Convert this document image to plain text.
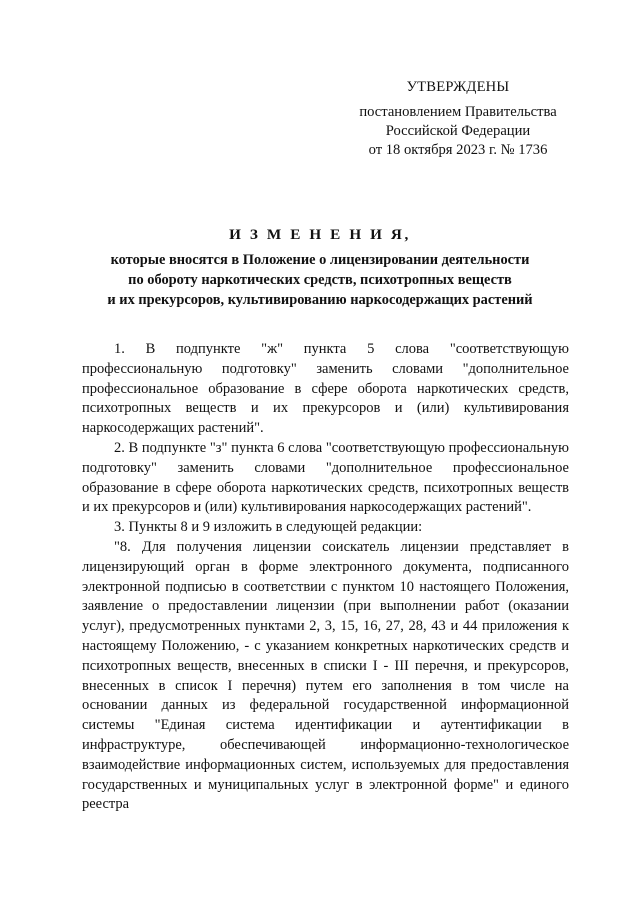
УТВЕРЖДЕНЫ
постановлением Правительства
Российской Федерации
от 18 октября 2023 г. № 1736
И З М Е Н Е Н И Я,
которые вносятся в Положение о лицензировании деятельности
по обороту наркотических средств, психотропных веществ
и их прекурсоров, культивированию наркосодержащих растений

1. В подпункте "ж" пункта 5 слова "соответствующую профессиональную подготовку" заменить словами "дополнительное профессиональное образование в сфере оборота наркотических средств, психотропных веществ и их прекурсоров и (или) культивирования наркосодержащих растений".

2. В подпункте "з" пункта 6 слова "соответствующую профессиональную подготовку" заменить словами "дополнительное профессиональное образование в сфере оборота наркотических средств, психотропных веществ и их прекурсоров и (или) культивирования наркосодержащих растений".

3. Пункты 8 и 9 изложить в следующей редакции:

"8. Для получения лицензии соискатель лицензии представляет в лицензирующий орган в форме электронного документа, подписанного электронной подписью в соответствии с пунктом 10 настоящего Положения, заявление о предоставлении лицензии (при выполнении работ (оказании услуг), предусмотренных пунктами 2, 3, 15, 16, 27, 28, 43 и 44 приложения к настоящему Положению, - с указанием конкретных наркотических средств и психотропных веществ, внесенных в списки I - III перечня, и прекурсоров, внесенных в список I перечня) путем его заполнения в том числе на основании данных из федеральной государственной информационной системы "Единая система идентификации и аутентификации в инфраструктуре, обеспечивающей информационно-технологическое взаимодействие информационных систем, используемых для предоставления государственных и муниципальных услуг в электронной форме" и единого реестра
